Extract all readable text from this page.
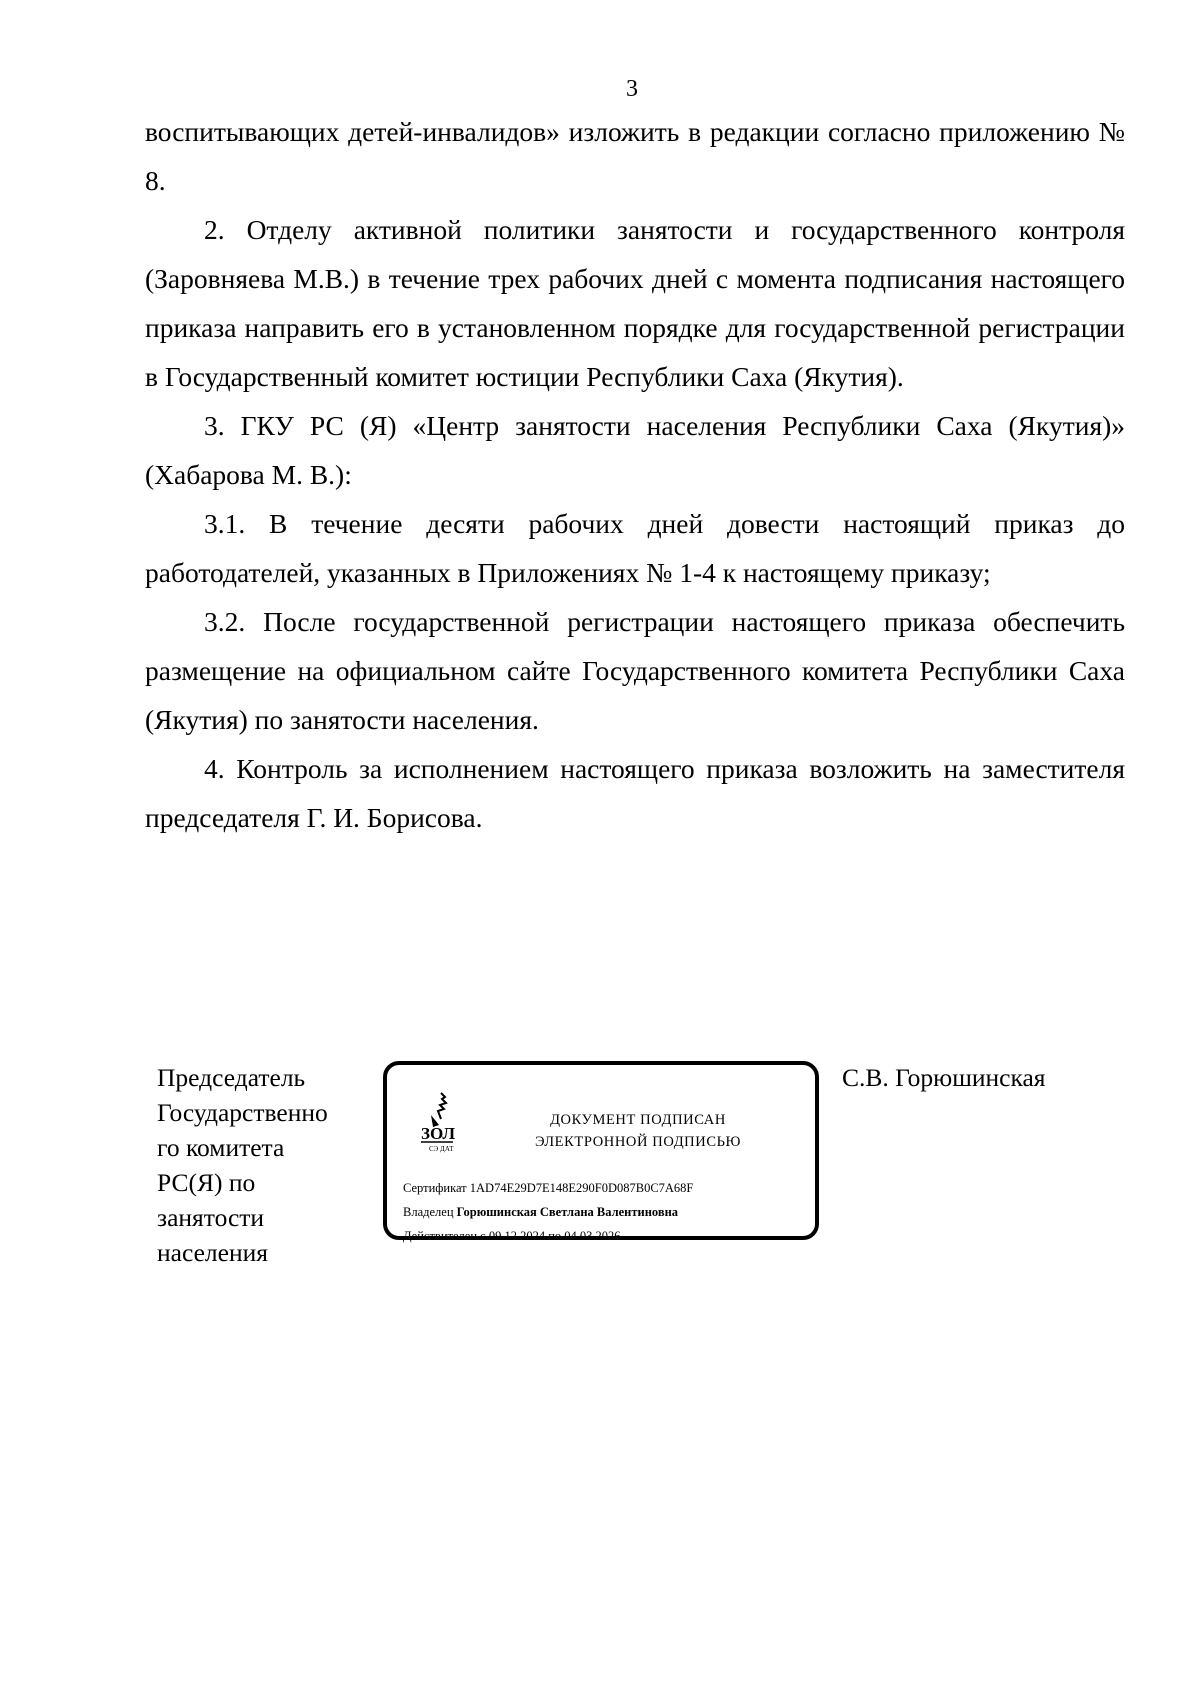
3

воспитывающих детей-инвалидов» изложить в редакции согласно приложению № 8.

2. Отделу активной политики занятости и государственного контроля (Заровняева М.В.) в течение трех рабочих дней с момента подписания настоящего приказа направить его в установленном порядке для государственной регистрации в Государственный комитет юстиции Республики Саха (Якутия).

3. ГКУ РС (Я) «Центр занятости населения Республики Саха (Якутия)» (Хабарова М. В.):

3.1. В течение десяти рабочих дней довести настоящий приказ до работодателей, указанных в Приложениях № 1-4 к настоящему приказу;

3.2. После государственной регистрации настоящего приказа обеспечить размещение на официальном сайте Государственного комитета Республики Саха (Якутия) по занятости населения.

4. Контроль за исполнением настоящего приказа возложить на заместителя председателя Г. И. Борисова.

Председатель
Государственно
го комитета
РС(Я) по
занятости
населения
ЗОЛ
СЭ ДАТ
ДОКУМЕНТ ПОДПИСАН
ЭЛЕКТРОННОЙ ПОДПИСЬЮ
Сертификат 1AD74E29D7E148E290F0D087B0C7A68F
Владелец Горюшинская Светлана Валентиновна
Действителен с 09.12.2024 по 04.03.2026
С.В. Горюшинская
